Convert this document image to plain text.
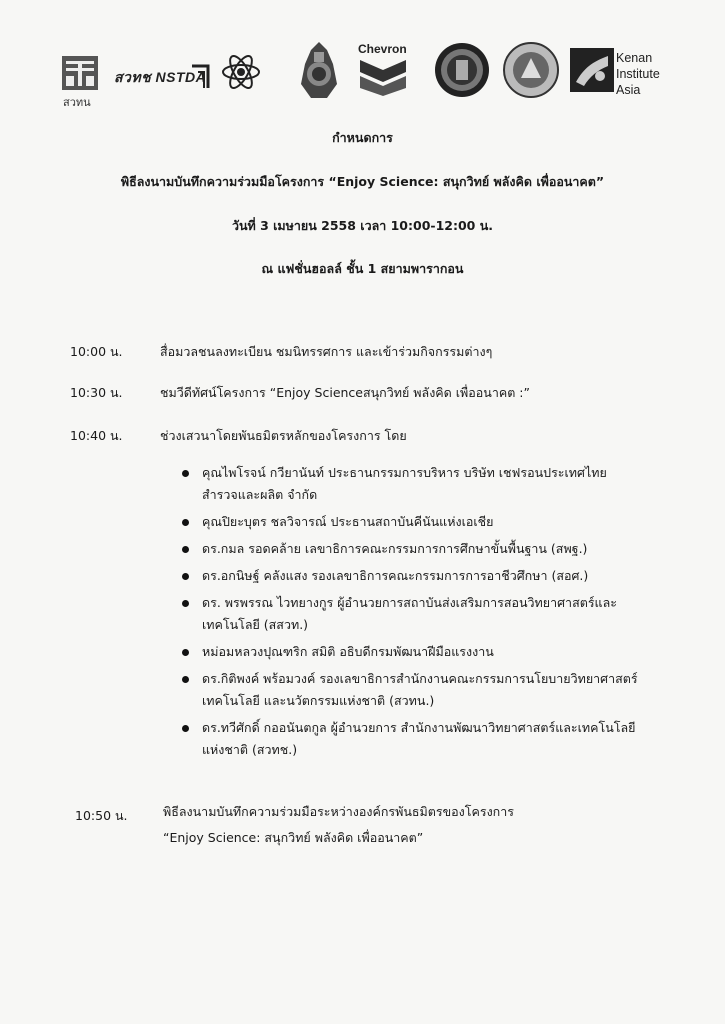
สวทน
สวทช NSTDA
Chevron
Kenan
Institute
Asia
กำหนดการ
พิธีลงนามบันทึกความร่วมมือโครงการ “Enjoy Science: สนุกวิทย์ พลังคิด เพื่ออนาคต”
วันที่ 3 เมษายน 2558 เวลา 10:00-12:00 น.
ณ แฟชั่นฮอลล์ ชั้น 1 สยามพารากอน
10:00 น.	สื่อมวลชนลงทะเบียน ชมนิทรรศการ และเข้าร่วมกิจกรรมต่างๆ
10:30 น.	ชมวีดีทัศน์โครงการ “Enjoy Scienceสนุกวิทย์ พลังคิด เพื่ออนาคต :”
10:40 น.	ช่วงเสวนาโดยพันธมิตรหลักของโครงการ โดย
คุณไพโรจน์ กวียานันท์ ประธานกรรมการบริหาร บริษัท เชฟรอนประเทศไทย
สำรวจและผลิต จำกัด
คุณปิยะบุตร ชลวิจารณ์ ประธานสถาบันคีนันแห่งเอเชีย
ดร.กมล รอดคล้าย เลขาธิการคณะกรรมการการศึกษาขั้นพื้นฐาน (สพฐ.)
ดร.อกนิษฐ์ คลังแสง รองเลขาธิการคณะกรรมการการอาชีวศึกษา (สอศ.)
ดร. พรพรรณ ไวทยางกูร ผู้อำนวยการสถาบันส่งเสริมการสอนวิทยาศาสตร์และ
เทคโนโลยี (สสวท.)
หม่อมหลวงปุณฑริก สมิติ อธิบดีกรมพัฒนาฝีมือแรงงาน
ดร.กิติพงค์ พร้อมวงค์ รองเลขาธิการสำนักงานคณะกรรมการนโยบายวิทยาศาสตร์
เทคโนโลยี และนวัตกรรมแห่งชาติ (สวทน.)
ดร.ทวีศักดิ์ กออนันตกูล ผู้อำนวยการ สำนักงานพัฒนาวิทยาศาสตร์และเทคโนโลยี
แห่งชาติ (สวทช.)
10:50 น.	พิธีลงนามบันทึกความร่วมมือระหว่างองค์กรพันธมิตรของโครงการ
“Enjoy Science: สนุกวิทย์ พลังคิด เพื่ออนาคต”
